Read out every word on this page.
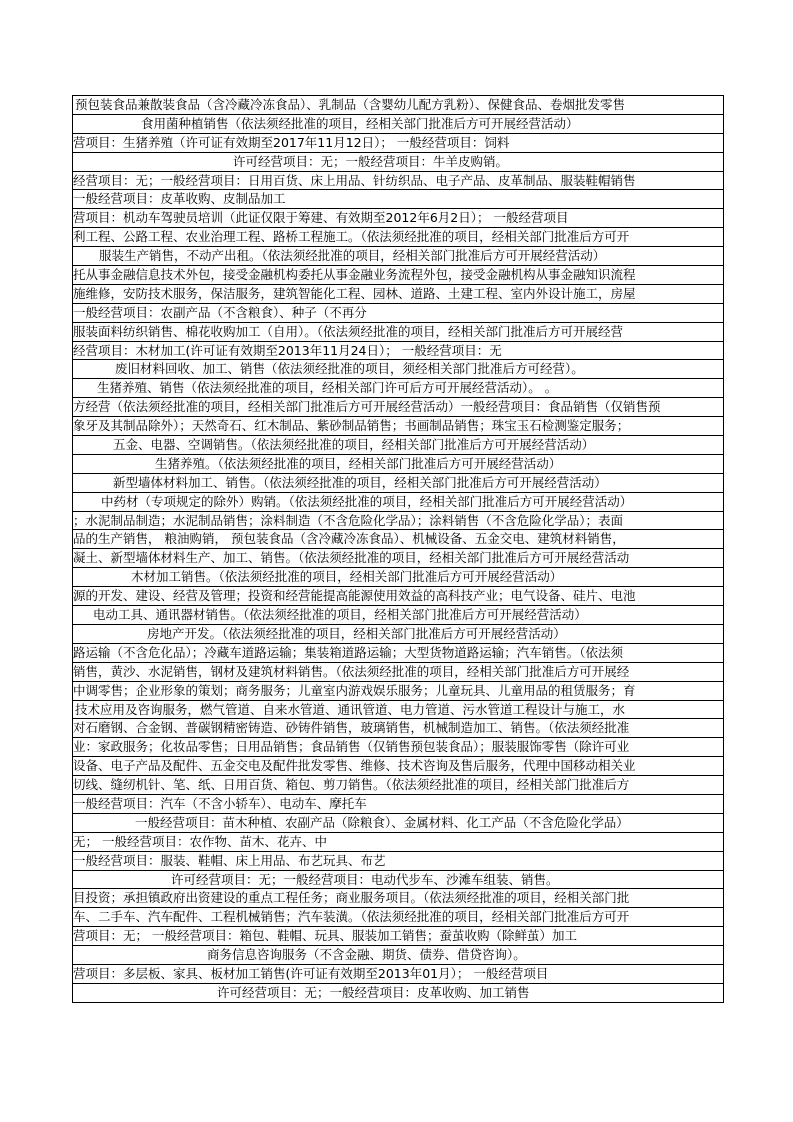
预包装食品兼散装食品（含冷藏冷冻食品）、乳制品（含婴幼儿配方乳粉）、保健食品、卷烟批发零售
食用菌种植销售（依法须经批准的项目，经相关部门批准后方可开展经营活动）
营项目：生猪养殖（许可证有效期至2017年11月12日）； 一般经营项目：饲料
许可经营项目：无；一般经营项目：牛羊皮购销。
经营项目：无；一般经营项目：日用百货、床上用品、针纺织品、电子产品、皮革制品、服装鞋帽销售
一般经营项目：皮革收购、皮制品加工
营项目：机动车驾驶员培训（此证仅限于筹建、有效期至2012年6月2日）； 一般经营项目
利工程、公路工程、农业治理工程、路桥工程施工。（依法须经批准的项目，经相关部门批准后方可开
服装生产销售，不动产出租。（依法须经批准的项目，经相关部门批准后方可开展经营活动）
托从事金融信息技术外包，接受金融机构委托从事金融业务流程外包，接受金融机构从事金融知识流程
施维修，安防技术服务，保洁服务，建筑智能化工程、园林、道路、土建工程、室内外设计施工，房屋
一般经营项目：农副产品（不含粮食）、种子（不再分
服装面料纺织销售、棉花收购加工（自用）。（依法须经批准的项目，经相关部门批准后方可开展经营
经营项目：木材加工(许可证有效期至2013年11月24日）； 一般经营项目：无
废旧材料回收、加工、销售（依法须经批准的项目，须经相关部门批准后方可经营）。
生猪养殖、销售（依法须经批准的项目，经相关部门许可后方可开展经营活动）。 。
方经营（依法须经批准的项目，经相关部门批准后方可开展经营活动）一般经营项目：食品销售（仅销售预
象牙及其制品除外）；天然奇石、红木制品、紫砂制品销售；书画制品销售；珠宝玉石检测鉴定服务；
五金、电器、空调销售。（依法须经批准的项目，经相关部门批准后方可开展经营活动）
生猪养殖。（依法须经批准的项目，经相关部门批准后方可开展经营活动）
新型墙体材料加工、销售。（依法须经批准的项目，经相关部门批准后方可开展经营活动）
中药材（专项规定的除外）购销。（依法须经批准的项目，经相关部门批准后方可开展经营活动）
；水泥制品制造；水泥制品销售；涂料制造（不含危险化学品）；涂料销售（不含危险化学品）；表面
品的生产销售， 粮油购销， 预包装食品（含冷藏冷冻食品）、机械设备、五金交电、建筑材料销售，
凝土、新型墙体材料生产、加工、销售。（依法须经批准的项目，经相关部门批准后方可开展经营活动
木材加工销售。（依法须经批准的项目，经相关部门批准后方可开展经营活动）
源的开发、建设、经营及管理；投资和经营能提高能源使用效益的高科技产业；电气设备、硅片、电池
电动工具、通讯器材销售。（依法须经批准的项目，经相关部门批准后方可开展经营活动）
房地产开发。（依法须经批准的项目，经相关部门批准后方可开展经营活动）
路运输（不含危化品）；冷藏车道路运输；集装箱道路运输；大型货物道路运输；汽车销售。（依法须
销售，黄沙、水泥销售，钢材及建筑材料销售。（依法须经批准的项目，经相关部门批准后方可开展经
中调零售；企业形象的策划；商务服务；儿童室内游戏娱乐服务；儿童玩具、儿童用品的租赁服务；育
技术应用及咨询服务，燃气管道、自来水管道、通讯管道、电力管道、污水管道工程设计与施工，水
对石磨钢、合金钢、普碳钢精密铸造、砂铸件销售，玻璃销售，机械制造加工、销售。（依法须经批准
业：家政服务；化妆品零售；日用品销售；食品销售（仅销售预包装食品）；服装服饰零售（除许可业
设备、电子产品及配件、五金交电及配件批发零售、维修、技术咨询及售后服务，代理中国移动相关业
切线、缝纫机针、笔、纸、日用百货、箱包、剪刀销售。（依法须经批准的项目，经相关部门批准后方
一般经营项目：汽车（不含小轿车）、电动车、摩托车
一般经营项目：苗木种植、农副产品（除粮食）、金属材料、化工产品（不含危险化学品）
无； 一般经营项目：农作物、苗木、花卉、中
一般经营项目：服装、鞋帽、床上用品、布艺玩具、布艺
许可经营项目：无；一般经营项目：电动代步车、沙滩车组装、销售。
目投资；承担镇政府出资建设的重点工程任务；商业服务项目。（依法须经批准的项目，经相关部门批
车、二手车、汽车配件、工程机械销售；汽车装潢。（依法须经批准的项目，经相关部门批准后方可开
营项目：无； 一般经营项目：箱包、鞋帽、玩具、服装加工销售；蚕茧收购（除鲜茧）加工
商务信息咨询服务（不含金融、期货、债券、借贷咨询）。
营项目：多层板、家具、板材加工销售(许可证有效期至2013年01月）； 一般经营项目
许可经营项目：无；一般经营项目：皮革收购、加工销售
